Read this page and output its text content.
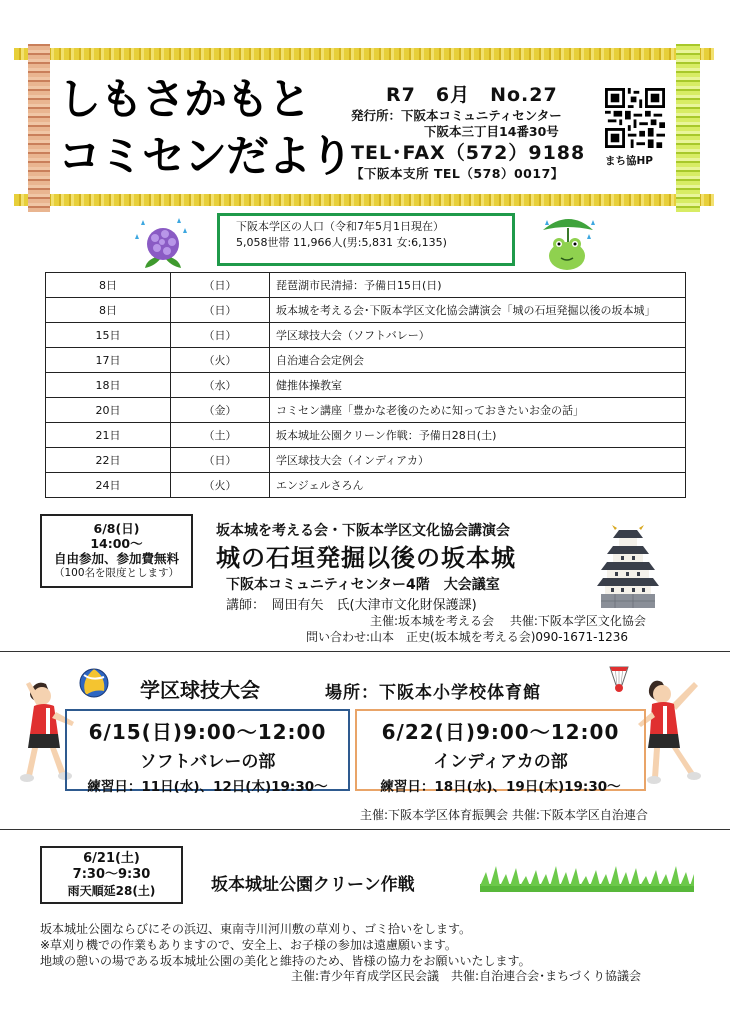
しもさかもと
コミセンだより
R7　6月　No.27
発行所：下阪本コミュニティセンター
下阪本三丁目14番30号
TEL･FAX（572）9188
【下阪本支所 TEL（578）0017】
まち協HP
下阪本学区の人口（令和7年5月1日現在）
5,058世帯 11,966人(男:5,831 女:6,135)
8日	（日）	琵琶湖市民清掃：予備日15日(日)
8日	（日）	坂本城を考える会･下阪本学区文化協会講演会「城の石垣発掘以後の坂本城」
15日	（日）	学区球技大会（ソフトバレー）
17日	（火）	自治連合会定例会
18日	（水）	健推体操教室
20日	（金）	コミセン講座「豊かな老後のために知っておきたいお金の話」
21日	（土）	坂本城址公園クリーン作戦：予備日28日(土)
22日	（日）	学区球技大会（インディアカ）
24日	（火）	エンジェルさろん
6/8(日)
14:00～
自由参加、参加費無料
（100名を限度とします）
坂本城を考える会・下阪本学区文化協会講演会
城の石垣発掘以後の坂本城
下阪本コミュニティセンター4階　大会議室
講師：　岡田有矢　氏(大津市文化財保護課)
主催:坂本城を考える会　 共催:下阪本学区文化協会
問い合わせ:山本　正史(坂本城を考える会)090-1671-1236
学区球技大会	場所：下阪本小学校体育館
6/15(日)9:00～12:00
ソフトバレーの部
練習日：11日(水)、12日(木)19:30～
6/22(日)9:00～12:00
インディアカの部
練習日：18日(水)、19日(木)19:30～
主催:下阪本学区体育振興会 共催:下阪本学区自治連合
6/21(土)
7:30～9:30
雨天順延28(土)	坂本城址公園クリーン作戦
坂本城址公園ならびにその浜辺、東南寺川河川敷の草刈り、ゴミ拾いをします。
※草刈り機での作業もありますので、安全上、お子様の参加は遠慮願います。
地域の憩いの場である坂本城址公園の美化と維持のため、皆様の協力をお願いいたします。
主催:青少年育成学区民会議　共催:自治連合会･まちづくり協議会
